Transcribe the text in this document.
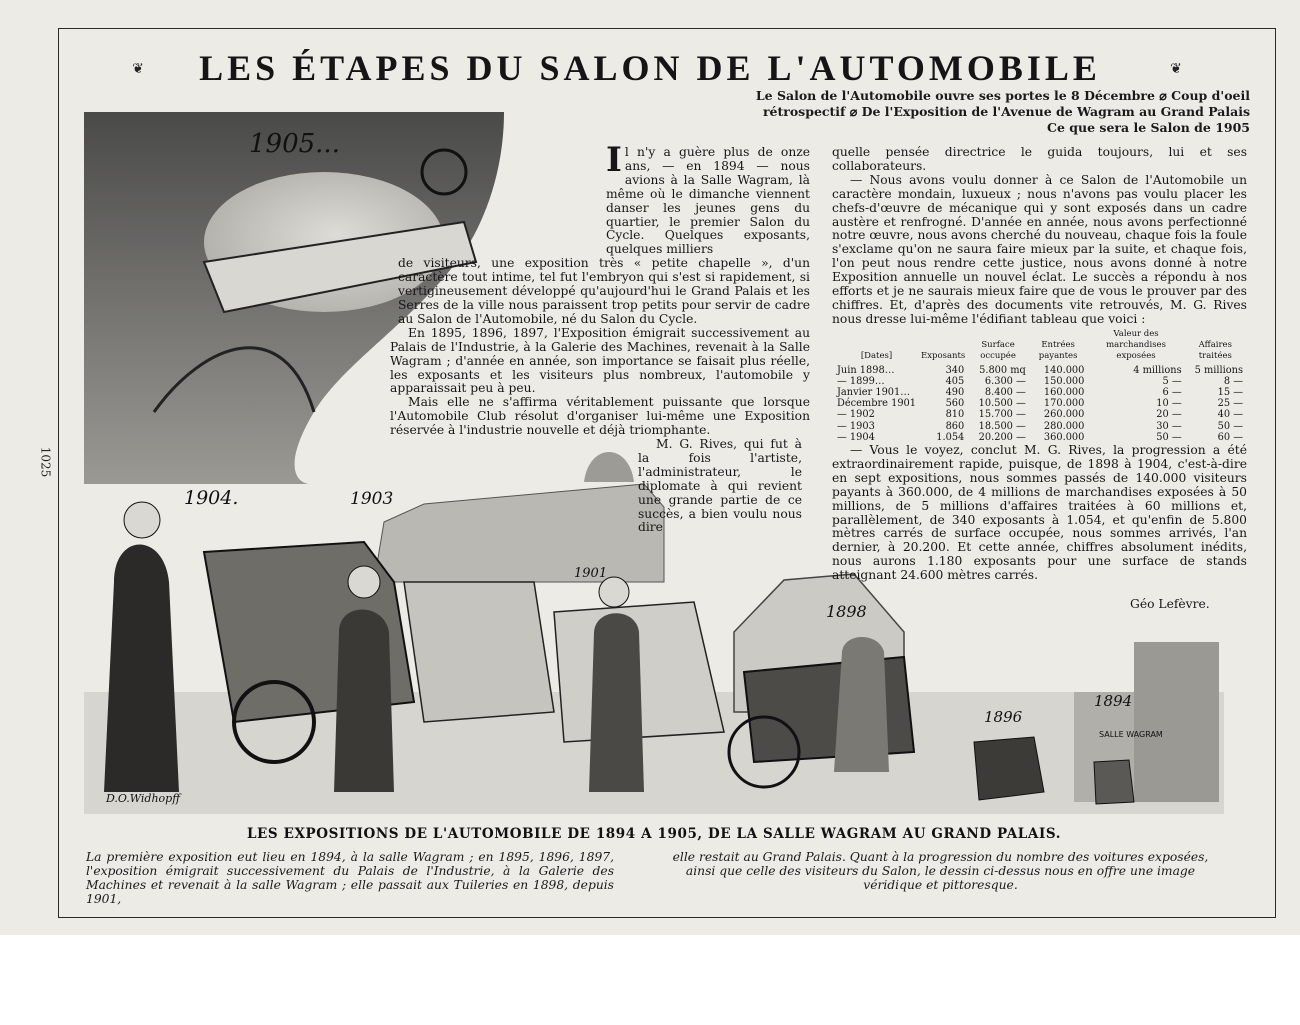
❦	❦
LES ÉTAPES DU SALON DE L'AUTOMOBILE
Le Salon de l'Automobile ouvre ses portes le 8 Décembre ⌀ Coup d'oeil
rétrospectif ⌀ De l'Exposition de l'Avenue de Wagram au Grand Palais
Ce que sera le Salon de 1905
1025
1905...
SALLE WAGRAM
1904.	1903
1901
1898
1896
1894
D.O.Widhopff

Il n'y a guère plus de onze ans, — en 1894 — nous avions à la Salle Wagram, là même où le dimanche viennent danser les jeunes gens du quartier, le premier Salon du Cycle. Quelques exposants, quelques milliers

de visiteurs, une exposition très « petite chapelle », d'un caractère tout intime, tel fut l'embryon qui s'est si rapidement, si vertigineusement développé qu'aujourd'hui le Grand Palais et les Serres de la ville nous paraissent trop petits pour servir de cadre au Salon de l'Automobile, né du Salon du Cycle.

En 1895, 1896, 1897, l'Exposition émigrait successivement au Palais de l'Industrie, à la Galerie des Machines, revenait à la Salle Wagram ; d'année en année, son importance se faisait plus réelle, les exposants et les visiteurs plus nombreux, l'automobile y apparaissait peu à peu.

Mais elle ne s'affirma véritablement puissante que lorsque l'Automobile Club résolut d'organiser lui-même une Exposition réservée à l'industrie nouvelle et déjà triomphante.

M. G. Rives, qui fut à la fois l'artiste, l'administrateur, le diplomate à qui revient une grande partie de ce succès, a bien voulu nous dire

quelle pensée directrice le guida toujours, lui et ses collaborateurs.

— Nous avons voulu donner à ce Salon de l'Automobile un caractère mondain, luxueux ; nous n'avons pas voulu placer les chefs-d'œuvre de mécanique qui y sont exposés dans un cadre austère et renfrogné. D'année en année, nous avons perfectionné notre œuvre, nous avons cherché du nouveau, chaque fois la foule s'exclame qu'on ne saura faire mieux par la suite, et chaque fois, l'on peut nous rendre cette justice, nous avons donné à notre Exposition annuelle un nouvel éclat. Le succès a répondu à nos efforts et je ne saurais mieux faire que de vous le prouver par des chiffres. Et, d'après des documents vite retrouvés, M. G. Rives nous dresse lui-même l'édifiant tableau que voici :

[Dates]	Exposants	Surface occupée	Entrées payantes	Valeur des marchandises exposées	Affaires traitées
Juin 1898…	340	5.800 mq	140.000	4 millions	5 millions
— 1899…	405	6.300 —	150.000	5 —	8 —
Janvier 1901…	490	8.400 —	160.000	6 —	15 —
Décembre 1901	560	10.500 —	170.000	10 —	25 —
— 1902	810	15.700 —	260.000	20 —	40 —
— 1903	860	18.500 —	280.000	30 —	50 —
— 1904	1.054	20.200 —	360.000	50 —	60 —

— Vous le voyez, conclut M. G. Rives, la progression a été extraordinairement rapide, puisque, de 1898 à 1904, c'est-à-dire en sept expositions, nous sommes passés de 140.000 visiteurs payants à 360.000, de 4 millions de marchandises exposées à 50 millions, de 5 millions d'affaires traitées à 60 millions et, parallèlement, de 340 exposants à 1.054, et qu'enfin de 5.800 mètres carrés de surface occupée, nous sommes arrivés, l'an dernier, à 20.200. Et cette année, chiffres absolument inédits, nous aurons 1.180 exposants pour une surface de stands atteignant 24.600 mètres carrés.

Géo Lefèvre.
LES EXPOSITIONS DE L'AUTOMOBILE DE 1894 A 1905, DE LA SALLE WAGRAM AU GRAND PALAIS.
La première exposition eut lieu en 1894, à la salle Wagram ; en 1895, 1896, 1897, l'exposition émigrait successivement du Palais de l'Industrie, à la Galerie des Machines et revenait à la salle Wagram ; elle passait aux Tuileries en 1898, depuis 1901,
elle restait au Grand Palais. Quant à la progression du nombre des voitures exposées, ainsi que celle des visiteurs du Salon, le dessin ci-dessus nous en offre une image véridique et pittoresque.
